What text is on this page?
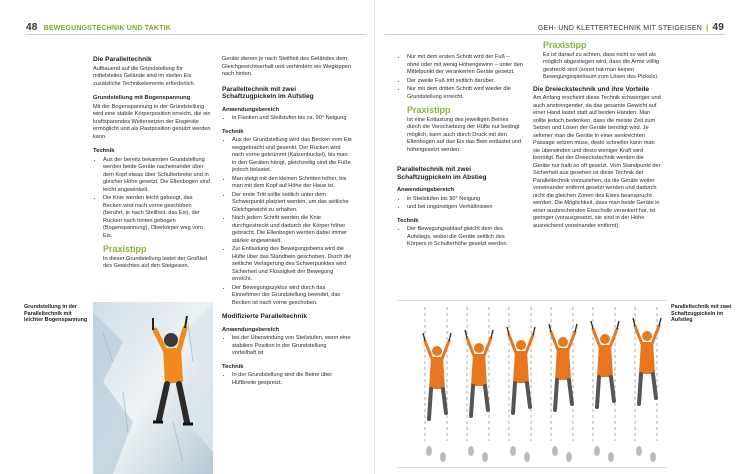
48 BEWEGUNGSTECHNIK UND TAKTIK
Die Paralleltechnik

Aufbauend auf die Grundstellung für mittelsteiles Gelände sind im steilen Eis zusätzliche Technikelemente erforderlich.

Grundstellung mit Bogenspannung

Mit der Bogenspannung in der Grundstellung wird eine stabile Körperposition erreicht, die ein kraftsparendes Weitersetzen der Eisgeräte ermöglicht und als Rastposition genutzt werden kann.

Technik
• Aus der bereits bekannten Grundstellung werden beide Geräte nacheinander über dem Kopf etwas über Schulterbreite und in gleicher Höhe gesetzt. Die Ellenbogen sind leicht angewinkelt.
• Die Knie werden leicht gebeugt, das Becken wird nach vorne geschoben (berührt, je nach Steilheit, das Eis), der Rücken nach hinten gebogen (Bogenspannung), Oberkörper weg vom Eis.
Praxistipp
In dieser Grundstellung lastet der Großteil des Gewichtes auf den Steigeisen.

Geräte dienen je nach Steilheit des Geländes dem Gleichgewichtserhalt und verhindern ein Wegkippen nach hinten.

Paralleltechnik mit zwei Schaftzugpickeln im Aufstieg
Anwendungsbereich
• in Flanken und Steilstufen bis ca. 90° Neigung
Technik
• Aus der Grundstellung wird das Becken vom Eis weggebracht und gesenkt. Der Rücken wird nach vorne gekrümmt (Katzenbuckel), bis man in den Geräten hängt, gleichzeitig sind die Füße jedoch belastet.
• Man steigt mit den kleinen Schritten höher, bis man mit dem Kopf auf Höhe der Haue ist.
• Der erste Tritt sollte seitlich unter dem Schwerpunkt platziert werden, um das seitliche Gleichgewicht zu erhalten.
• Nach jedem Schritt werden die Knie durchgestreckt und dadurch der Körper höher gebracht. Die Ellenbogen werden dabei immer stärker angewinkelt.
• Zur Entlastung des Bewegungsbeins wird die Hüfte über das Standbein geschoben. Durch die seitliche Verlagerung des Schwerpunktes wird Sicherheit und Flüssigkeit der Bewegung erreicht.
• Der Bewegungszyklus wird durch das Einnehmen der Grundstellung beendet, das Becken ist nach vorne geschoben.
Modifizierte Paralleltechnik
Anwendungsbereich
• bei der Überwindung von Steilstufen, wenn eine stabilere Position in der Grundstellung vorteilhaft ist
Technik
• In der Grundstellung sind die Beine über Hüftbreite gespreizt.
Grundstellung in der Paralleltechnik mit leichter Bogenspannung
GEH- UND KLETTERTECHNIK MIT STEIGEISEN | 49
• Nur mit dem ersten Schritt wird der Fuß – ohne oder mit wenig Höhengewinn – unter den Mittelpunkt der verankerten Geräte gesetzt.
• Der zweite Fuß tritt seitlich darüber.
• Nur mit dem dritten Schritt wird wieder die Grundstellung erreicht.
Praxistipp
Ist eine Entlastung des jeweiligen Beines durch die Verschiebung der Hüfte nur bedingt möglich, kann auch durch Druck mit den Ellenbogen auf das Eis das Bein entlastet und höhergesetzt werden.
Paralleltechnik mit zwei Schaftzugpickeln im Abstieg
Anwendungsbereich
• in Steilstufen bis 90° Neigung
• und bei ungünstigen Verhältnissen
Technik
• Der Bewegungsablauf gleicht dem des Aufstiegs, wobei die Geräte seitlich des Körpers in Schulterhöhe gesetzt werden.
Praxistipp
Es ist darauf zu achten, dass nicht so weit als möglich abgestiegen wird, dass die Arme völlig gestreckt sind (sonst hat man keinen Bewegungsspielraum zum Lösen des Pickels).
Die Dreieckstechnik und ihre Vorteile

Am Anfang erscheint diese Technik schwieriger und auch anstrengender, da das gesamte Gewicht auf einer Hand lastet statt auf beiden Händen. Man sollte jedoch bedenken, dass die meiste Zeit zum Setzen und Lösen der Geräte benötigt wird. Je seltener man die Geräte in einer senkrechten Passage setzen muss, desto schneller kann man sie überwinden und desto weniger Kraft wird benötigt. Bei der Dreieckstechnik werden die Geräte nur halb so oft gesetzt. Vom Standpunkt der Sicherheit aus gesehen ist diese Technik der Paralleltechnik vorzuziehen, da die Geräte weiter voneinander entfernt gesetzt werden und dadurch nicht die gleichen Zonen des Eises beansprucht werden. Die Möglichkeit, dass man beide Geräte in einer ausbrechenden Eisscholle verankert hat, ist geringer (vorausgesetzt, sie sind in der Höhe ausreichend voneinander entfernt).

Paralleltechnik mit zwei Schaftzugpickeln im Aufstieg
